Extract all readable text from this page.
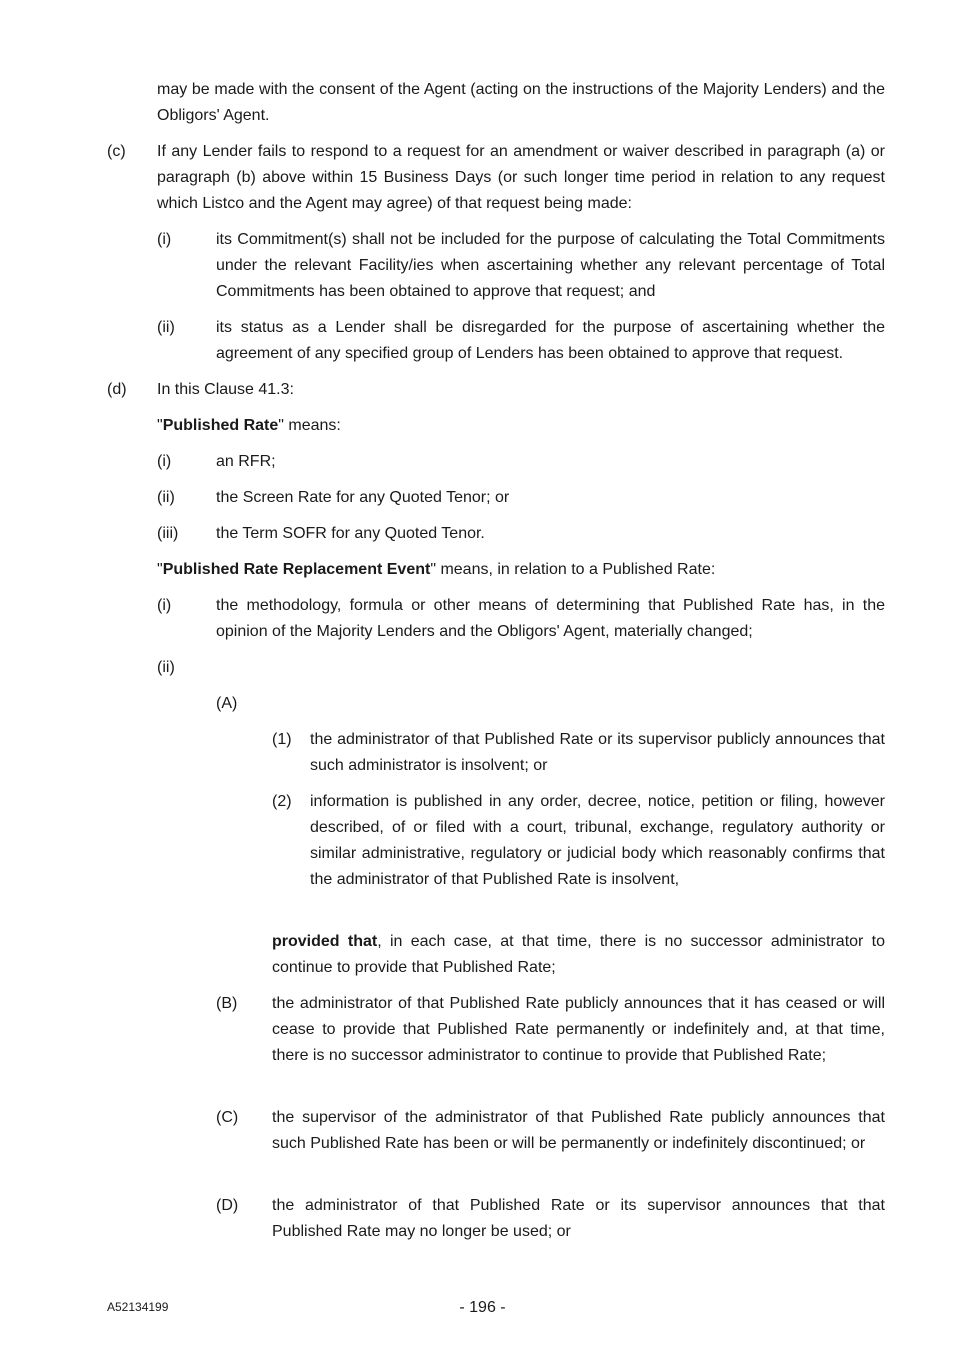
may be made with the consent of the Agent (acting on the instructions of the Majority Lenders) and the Obligors' Agent.

(c) If any Lender fails to respond to a request for an amendment or waiver described in paragraph (a) or paragraph (b) above within 15 Business Days (or such longer time period in relation to any request which Listco and the Agent may agree) of that request being made:

(i)	its Commitment(s) shall not be included for the purpose of calculating the Total Commitments under the relevant Facility/ies when ascertaining whether any relevant percentage of Total Commitments has been obtained to approve that request; and

(ii)	its status as a Lender shall be disregarded for the purpose of ascertaining whether the agreement of any specified group of Lenders has been obtained to approve that request.

(d) In this Clause 41.3:

"Published Rate" means:

(i)	an RFR;

(ii)	the Screen Rate for any Quoted Tenor; or

(iii) the Term SOFR for any Quoted Tenor.

"Published Rate Replacement Event" means, in relation to a Published Rate:

(i)	the methodology, formula or other means of determining that Published Rate has, in the opinion of the Majority Lenders and the Obligors' Agent, materially changed;

(ii)
(A)
(1) the administrator of that Published Rate or its supervisor publicly announces that such administrator is insolvent; or

(2) information is published in any order, decree, notice, petition or filing, however described, of or filed with a court, tribunal, exchange, regulatory authority or similar administrative, regulatory or judicial body which reasonably confirms that the administrator of that Published Rate is insolvent,

provided that, in each case, at that time, there is no successor administrator to continue to provide that Published Rate;

(B) the administrator of that Published Rate publicly announces that it has ceased or will cease to provide that Published Rate permanently or indefinitely and, at that time, there is no successor administrator to continue to provide that Published Rate;

(C) the supervisor of the administrator of that Published Rate publicly announces that such Published Rate has been or will be permanently or indefinitely discontinued; or

(D) the administrator of that Published Rate or its supervisor announces that that Published Rate may no longer be used; or

A52134199	- 196 -
